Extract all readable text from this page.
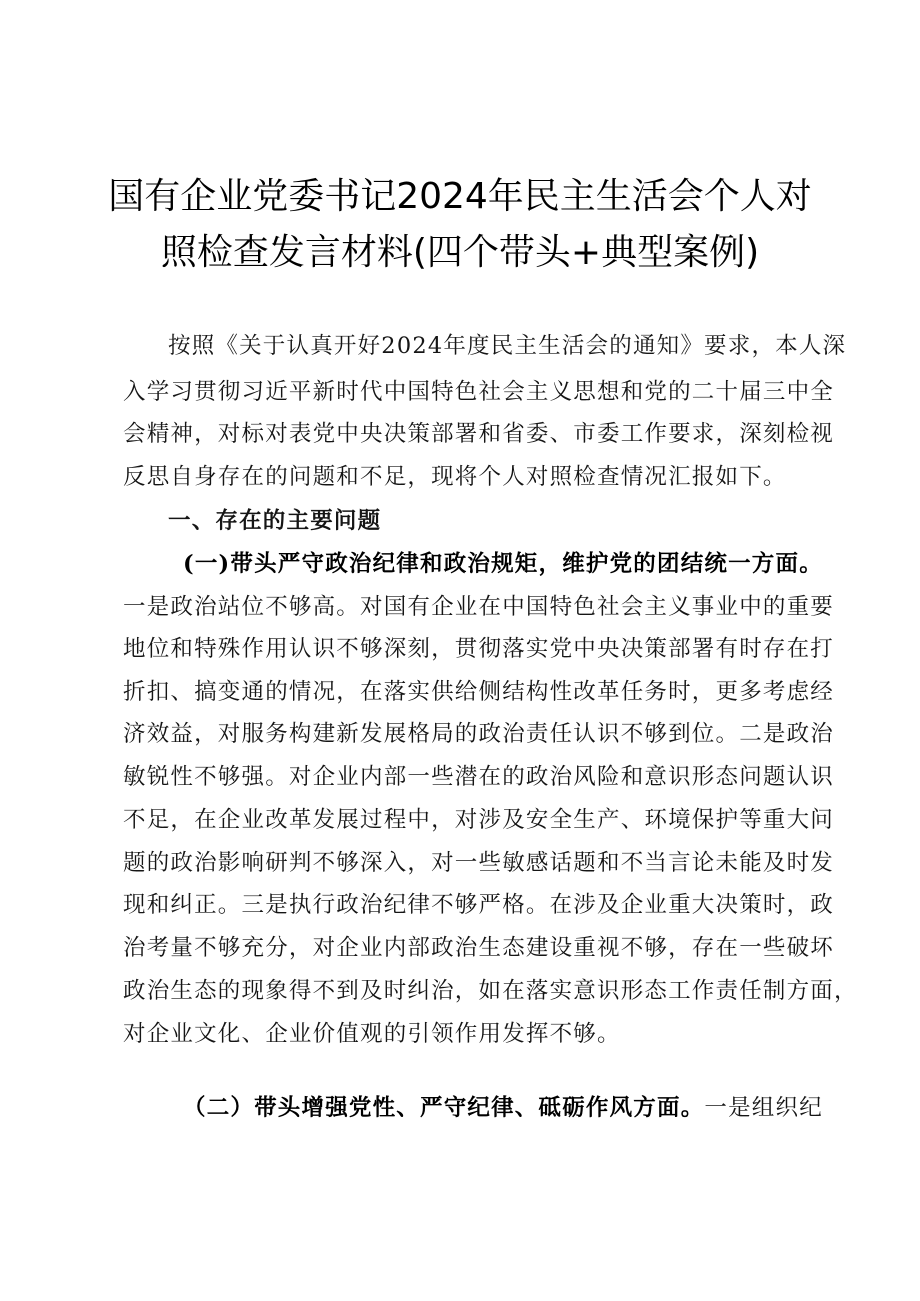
国有企业党委书记2024年民主生活会个人对
照检查发言材料(四个带头+典型案例)
按照《关于认真开好2024年度民主生活会的通知》要求，本人深
入学习贯彻习近平新时代中国特色社会主义思想和党的二十届三中全
会精神，对标对表党中央决策部署和省委、市委工作要求，深刻检视
反思自身存在的问题和不足，现将个人对照检查情况汇报如下。
一、存在的主要问题
(一)带头严守政治纪律和政治规矩，维护党的团结统一方面。
一是政治站位不够高。对国有企业在中国特色社会主义事业中的重要
地位和特殊作用认识不够深刻，贯彻落实党中央决策部署有时存在打
折扣、搞变通的情况，在落实供给侧结构性改革任务时，更多考虑经
济效益，对服务构建新发展格局的政治责任认识不够到位。二是政治
敏锐性不够强。对企业内部一些潜在的政治风险和意识形态问题认识
不足，在企业改革发展过程中，对涉及安全生产、环境保护等重大问
题的政治影响研判不够深入，对一些敏感话题和不当言论未能及时发
现和纠正。三是执行政治纪律不够严格。在涉及企业重大决策时，政
治考量不够充分，对企业内部政治生态建设重视不够，存在一些破坏
政治生态的现象得不到及时纠治，如在落实意识形态工作责任制方面，
对企业文化、企业价值观的引领作用发挥不够。
（二）带头增强党性、严守纪律、砥砺作风方面。一是组织纪
